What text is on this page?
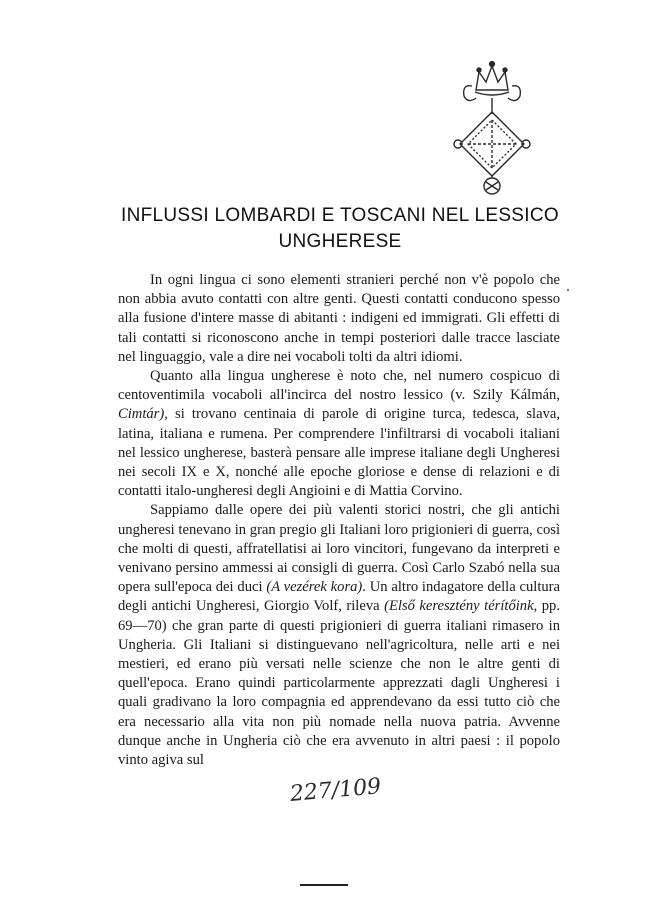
INFLUSSI LOMBARDI E TOSCANI NEL LESSICO
UNGHERESE

In ogni lingua ci sono elementi stranieri perché non v'è popolo che non abbia avuto contatti con altre genti. Questi contatti conducono spesso alla fusione d'intere masse di abitanti : indigeni ed immigrati. Gli effetti di tali contatti si riconoscono anche in tempi posteriori dalle tracce lasciate nel linguaggio, vale a dire nei vocaboli tolti da altri idiomi.

Quanto alla lingua ungherese è noto che, nel numero cospicuo di centoventimila vocaboli all'incirca del nostro lessico (v. Szily Kálmán, Cimtár), si trovano centinaia di parole di origine turca, tedesca, slava, latina, italiana e rumena. Per comprendere l'infiltrarsi di vocaboli italiani nel lessico ungherese, basterà pensare alle imprese italiane degli Ungheresi nei secoli IX e X, nonché alle epoche gloriose e dense di relazioni e di contatti italo-ungheresi degli Angioini e di Mattia Corvino.

Sappiamo dalle opere dei più valenti storici nostri, che gli antichi ungheresi tenevano in gran pregio gli Italiani loro prigionieri di guerra, così che molti di questi, affratellatisi ai loro vincitori, fungevano da interpreti e venivano persino ammessi ai consigli di guerra. Così Carlo Szabó nella sua opera sull'epoca dei duci (A vezérek kora). Un altro indagatore della cultura degli antichi Ungheresi, Giorgio Volf, rileva (Első keresztény térítőink, pp. 69—70) che gran parte di questi prigionieri di guerra italiani rimasero in Ungheria. Gli Italiani si distinguevano nell'agricoltura, nelle arti e nei mestieri, ed erano più versati nelle scienze che non le altre genti di quell'epoca. Erano quindi particolarmente apprezzati dagli Ungheresi i quali gradivano la loro compagnia ed apprendevano da essi tutto ciò che era necessario alla vita non più nomade nella nuova patria. Avvenne dunque anche in Ungheria ciò che era avvenuto in altri paesi : il popolo vinto agiva sul

227/109
